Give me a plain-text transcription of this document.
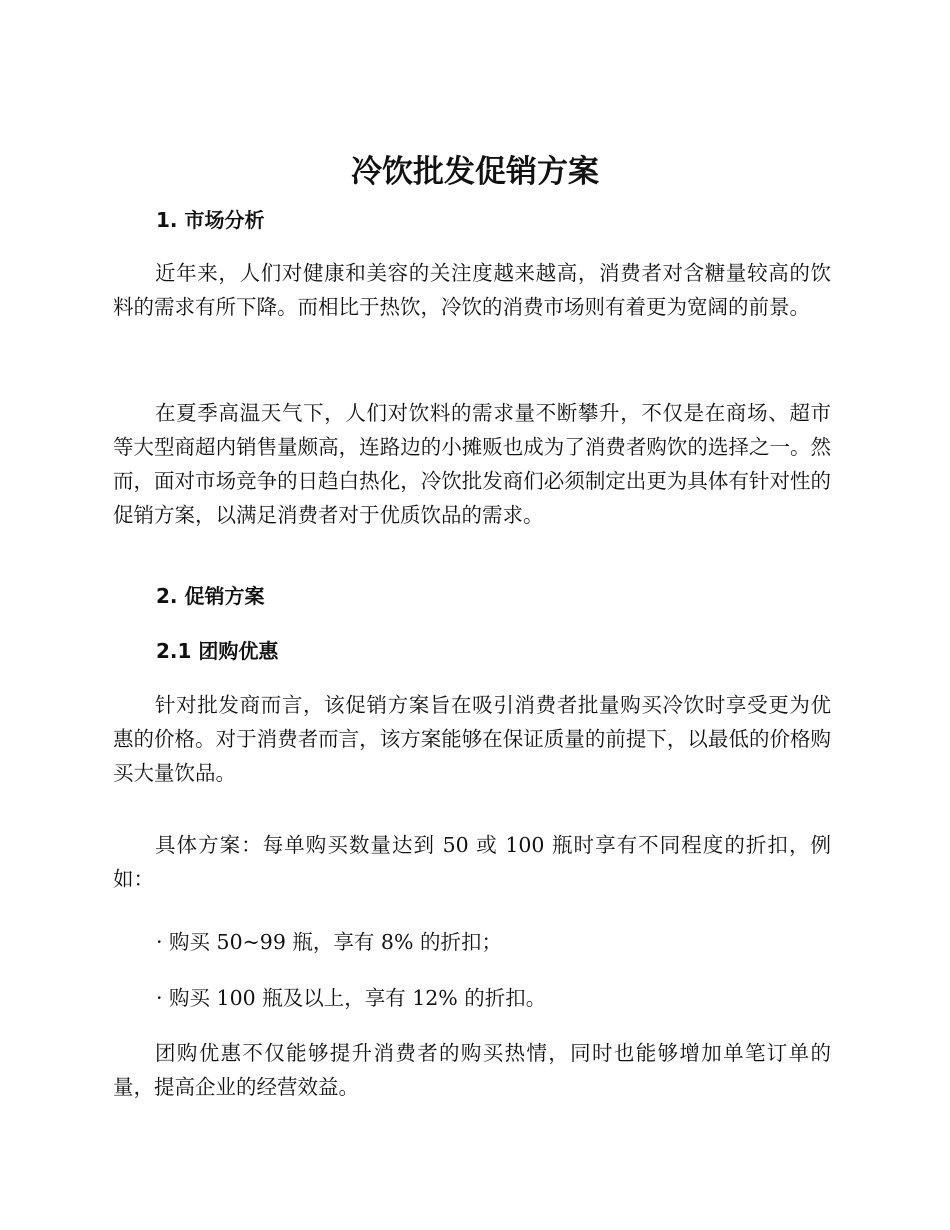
冷饮批发促销方案
1. 市场分析

近年来，人们对健康和美容的关注度越来越高，消费者对含糖量较高的饮料的需求有所下降。而相比于热饮，冷饮的消费市场则有着更为宽阔的前景。

在夏季高温天气下，人们对饮料的需求量不断攀升，不仅是在商场、超市等大型商超内销售量颇高，连路边的小摊贩也成为了消费者购饮的选择之一。然而，面对市场竞争的日趋白热化，冷饮批发商们必须制定出更为具体有针对性的促销方案，以满足消费者对于优质饮品的需求。

2. 促销方案
2.1 团购优惠

针对批发商而言，该促销方案旨在吸引消费者批量购买冷饮时享受更为优惠的价格。对于消费者而言，该方案能够在保证质量的前提下，以最低的价格购买大量饮品。

具体方案：每单购买数量达到 50 或 100 瓶时享有不同程度的折扣，例如：

· 购买 50~99 瓶，享有 8% 的折扣；

· 购买 100 瓶及以上，享有 12% 的折扣。

团购优惠不仅能够提升消费者的购买热情，同时也能够增加单笔订单的量，提高企业的经营效益。
